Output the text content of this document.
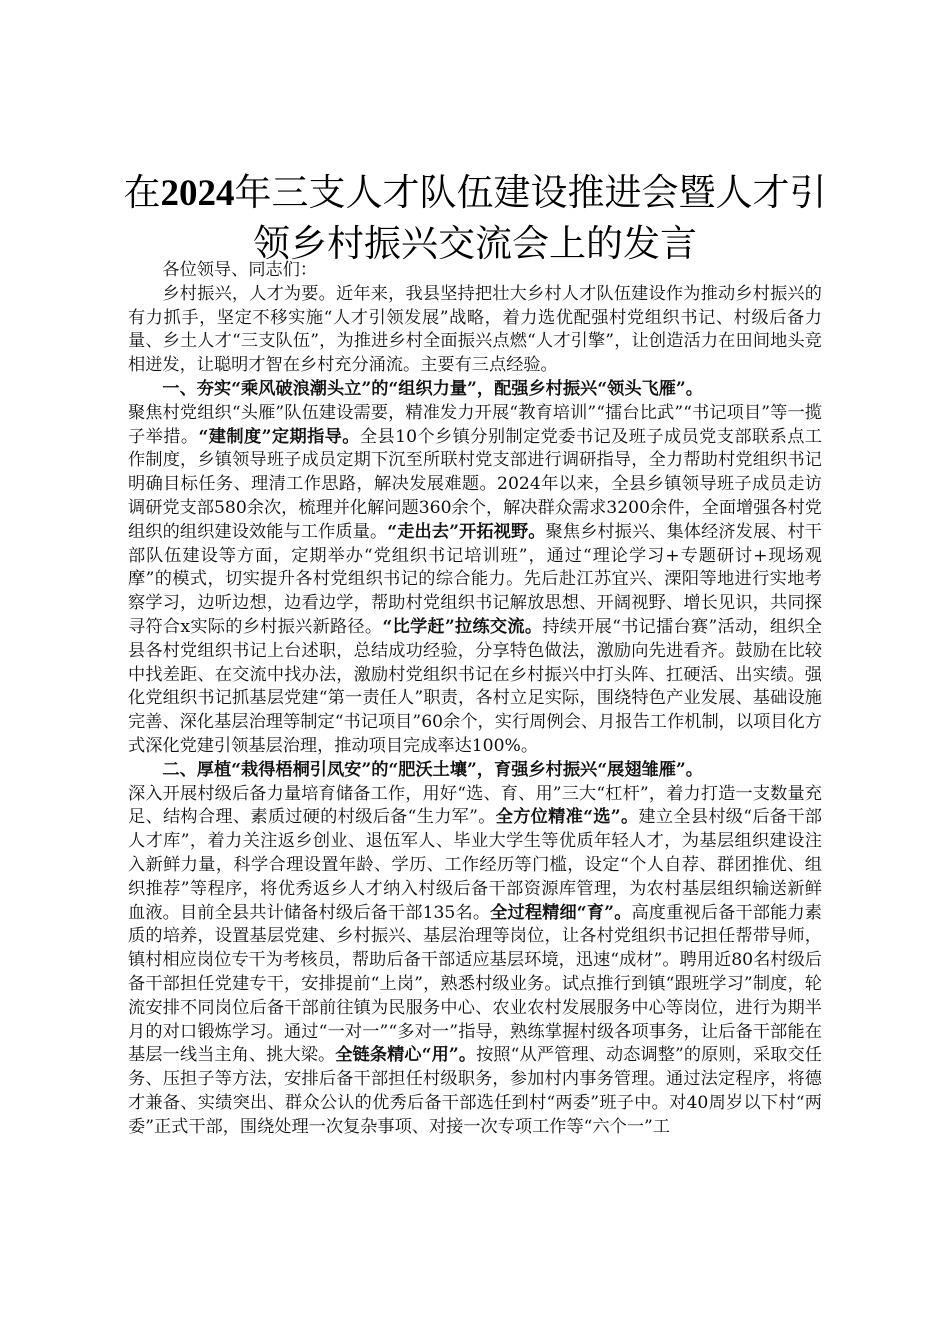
在2024年三支人才队伍建设推进会暨人才引领乡村振兴交流会上的发言

各位领导、同志们：

乡村振兴，人才为要。近年来，我县坚持把壮大乡村人才队伍建设作为推动乡村振兴的有力抓手，坚定不移实施“人才引领发展”战略，着力选优配强村党组织书记、村级后备力量、乡土人才“三支队伍”，为推进乡村全面振兴点燃“人才引擎”，让创造活力在田间地头竞相迸发，让聪明才智在乡村充分涌流。主要有三点经验。

一、夯实“乘风破浪潮头立”的“组织力量”，配强乡村振兴“领头飞雁”。

聚焦村党组织“头雁”队伍建设需要，精准发力开展“教育培训”“擂台比武”“书记项目”等一揽子举措。“建制度”定期指导。全县10个乡镇分别制定党委书记及班子成员党支部联系点工作制度，乡镇领导班子成员定期下沉至所联村党支部进行调研指导，全力帮助村党组织书记明确目标任务、理清工作思路，解决发展难题。2024年以来，全县乡镇领导班子成员走访调研党支部580余次，梳理并化解问题360余个，解决群众需求3200余件，全面增强各村党组织的组织建设效能与工作质量。“走出去”开拓视野。聚焦乡村振兴、集体经济发展、村干部队伍建设等方面，定期举办“党组织书记培训班”，通过“理论学习+专题研讨+现场观摩”的模式，切实提升各村党组织书记的综合能力。先后赴江苏宜兴、溧阳等地进行实地考察学习，边听边想，边看边学，帮助村党组织书记解放思想、开阔视野、增长见识，共同探寻符合x实际的乡村振兴新路径。“比学赶”拉练交流。持续开展“书记擂台赛”活动，组织全县各村党组织书记上台述职，总结成功经验，分享特色做法，激励向先进看齐。鼓励在比较中找差距、在交流中找办法，激励村党组织书记在乡村振兴中打头阵、扛硬活、出实绩。强化党组织书记抓基层党建“第一责任人”职责，各村立足实际，围绕特色产业发展、基础设施完善、深化基层治理等制定“书记项目”60余个，实行周例会、月报告工作机制，以项目化方式深化党建引领基层治理，推动项目完成率达100%。

二、厚植“栽得梧桐引凤安”的“肥沃土壤”，育强乡村振兴“展翅雏雁”。

深入开展村级后备力量培育储备工作，用好“选、育、用”三大“杠杆”，着力打造一支数量充足、结构合理、素质过硬的村级后备“生力军”。全方位精准“选”。建立全县村级“后备干部人才库”，着力关注返乡创业、退伍军人、毕业大学生等优质年轻人才，为基层组织建设注入新鲜力量，科学合理设置年龄、学历、工作经历等门槛，设定“个人自荐、群团推优、组织推荐”等程序，将优秀返乡人才纳入村级后备干部资源库管理，为农村基层组织输送新鲜血液。目前全县共计储备村级后备干部135名。全过程精细“育”。高度重视后备干部能力素质的培养，设置基层党建、乡村振兴、基层治理等岗位，让各村党组织书记担任帮带导师，镇村相应岗位专干为考核员，帮助后备干部适应基层环境，迅速“成材”。聘用近80名村级后备干部担任党建专干，安排提前“上岗”，熟悉村级业务。试点推行到镇“跟班学习”制度，轮流安排不同岗位后备干部前往镇为民服务中心、农业农村发展服务中心等岗位，进行为期半月的对口锻炼学习。通过“一对一”“多对一”指导，熟练掌握村级各项事务，让后备干部能在基层一线当主角、挑大梁。全链条精心“用”。按照“从严管理、动态调整”的原则，采取交任务、压担子等方法，安排后备干部担任村级职务，参加村内事务管理。通过法定程序，将德才兼备、实绩突出、群众公认的优秀后备干部选任到村“两委”班子中。对40周岁以下村“两委”正式干部，围绕处理一次复杂事项、对接一次专项工作等“六个一”工
